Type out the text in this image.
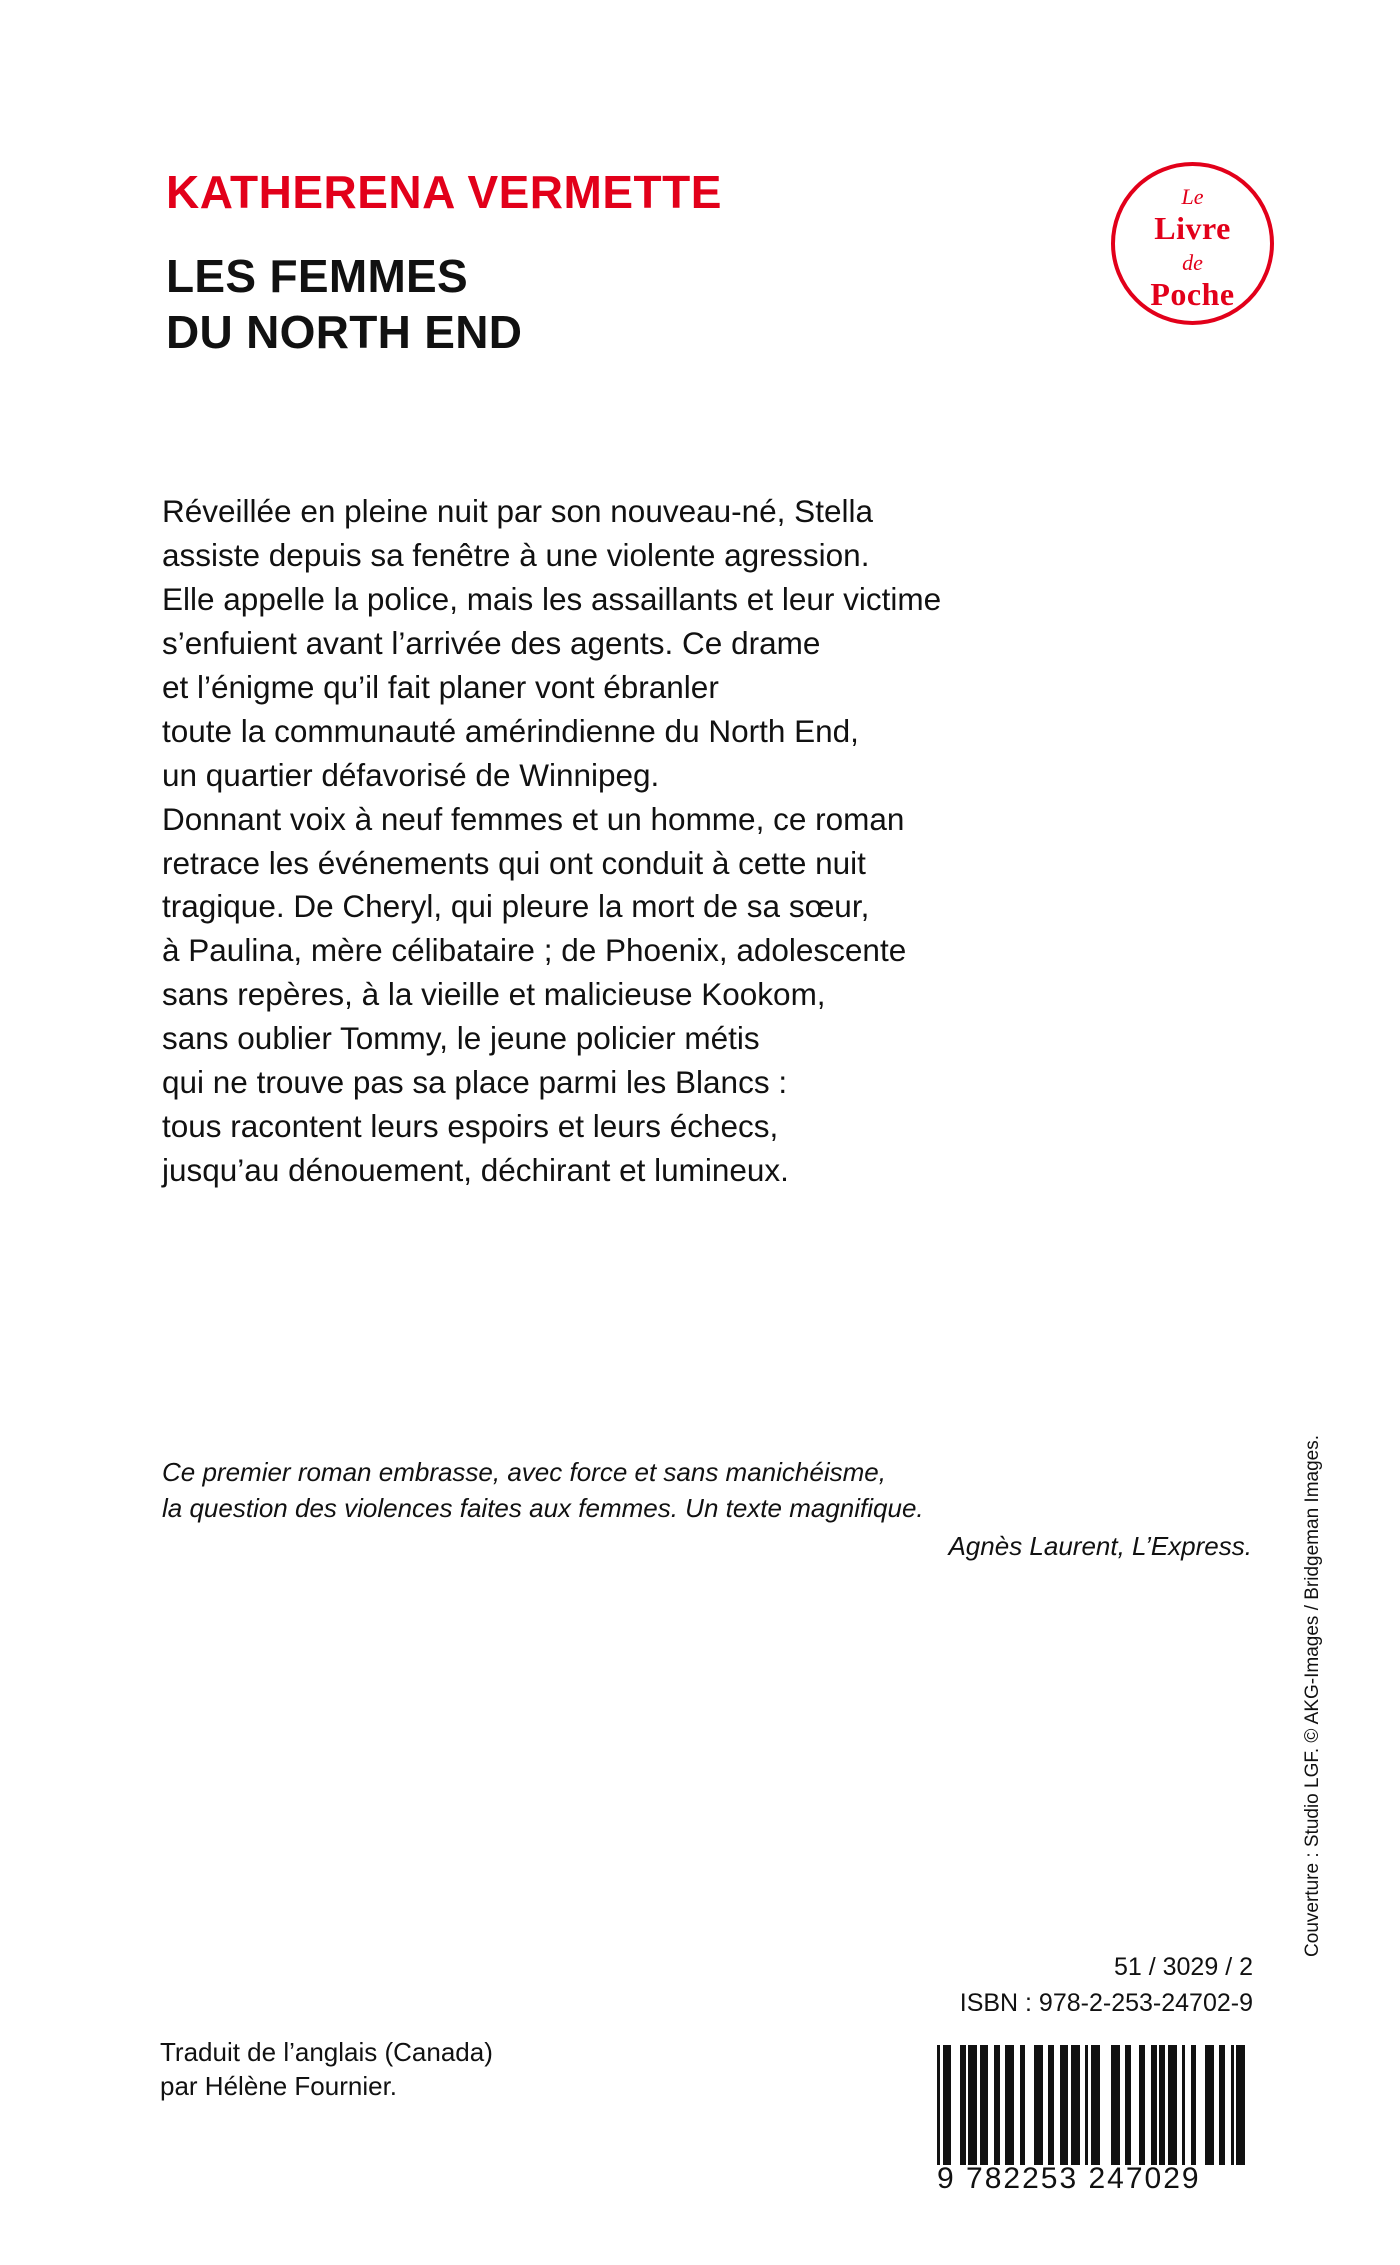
KATHERENA VERMETTE
LES FEMMES
DU NORTH END
Le
Livre
de
Poche

Réveillée en pleine nuit par son nouveau-né, Stella

assiste depuis sa fenêtre à une violente agression.

Elle appelle la police, mais les assaillants et leur victime

s’enfuient avant l’arrivée des agents. Ce drame

et l’énigme qu’il fait planer vont ébranler

toute la communauté amérindienne du North End,

un quartier défavorisé de Winnipeg.

Donnant voix à neuf femmes et un homme, ce roman

retrace les événements qui ont conduit à cette nuit

tragique. De Cheryl, qui pleure la mort de sa sœur,

à Paulina, mère célibataire ; de Phoenix, adolescente

sans repères, à la vieille et malicieuse Kookom,

sans oublier Tommy, le jeune policier métis

qui ne trouve pas sa place parmi les Blancs :

tous racontent leurs espoirs et leurs échecs,

jusqu’au dénouement, déchirant et lumineux.

Ce premier roman embrasse, avec force et sans manichéisme,

la question des violences faites aux femmes. Un texte magnifique.

Agnès Laurent, L’Express.	Couverture : Studio LGF. © AKG-Images / Bridgeman Images.

Traduit de l’anglais (Canada)

par Hélène Fournier.

51 / 3029 / 2

ISBN : 978-2-253-24702-9

9 782253 247029
